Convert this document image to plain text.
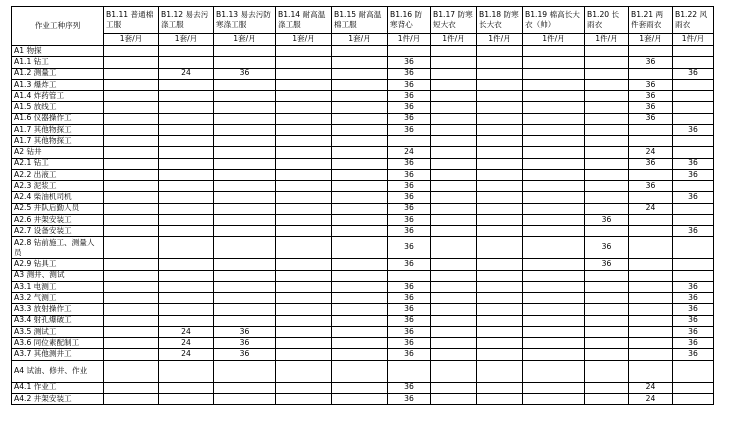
作业工种序列	B1.11 普通棉工服	B1.12 易去污涤工服	B1.13 易去污防寒涤工服	B1.14 耐高温涤工服	B1.15 耐高温棉工服	B1.16 防寒背心	B1.17 防寒短大衣	B1.18 防寒长大衣	B1.19 棉高长大衣（帅）	B1.20 长雨衣	B1.21 两件套雨衣	B1.22 风雨衣
	1套/月	1套/月	1套/月	1套/月	1套/月	1件/月	1件/月	1件/月	1件/月	1件/月	1套/月	1件/月
A1 物探												
A1.1 钻工						36					36	
A1.2 测量工		24	36			36						36
A1.3 爆炸工						36					36	
A1.4 炸药管工						36					36	
A1.5 放线工						36					36	
A1.6 仪器操作工						36					36	
A1.7 其他物探工						36						36
A1.7 其他物探工												
A2 钻井						24					24	
A2.1 钻工						36					36	36
A2.2 出液工						36						36
A2.3 泥浆工						36					36	
A2.4 柴油机司机						36						36
A2.5 井队后勤人员						36					24	
A2.6 井架安装工						36				36		
A2.7 设备安装工						36						36
A2.8 钻前施工、测量人员						36				36		
A2.9 钻具工						36				36		
A3 测井、测试												
A3.1 电测工						36						36
A3.2 气测工						36						36
A3.3 放射操作工						36						36
A3.4 射孔爆破工						36						36
A3.5 测试工		24	36			36						36
A3.6 同位素配制工		24	36			36						36
A3.7 其他测井工		24	36			36						36
A4 试油、修井、作业												
A4.1 作业工						36					24	
A4.2 井架安装工						36					24	
